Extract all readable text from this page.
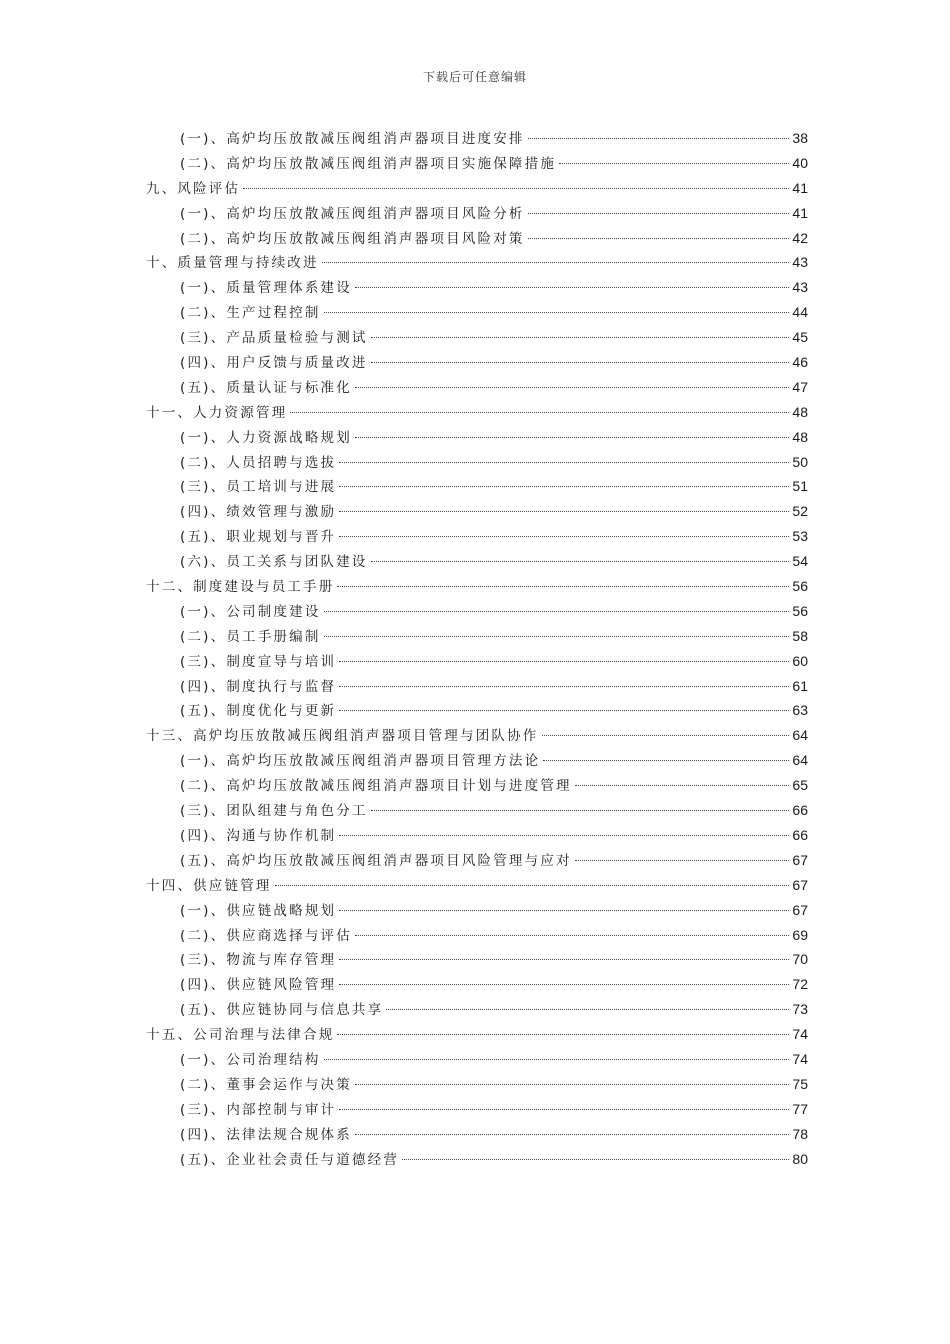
下载后可任意编辑
(一)、高炉均压放散减压阀组消声器项目进度安排	38
(二)、高炉均压放散减压阀组消声器项目实施保障措施	40
九、风险评估	41
(一)、高炉均压放散减压阀组消声器项目风险分析	41
(二)、高炉均压放散减压阀组消声器项目风险对策	42
十、质量管理与持续改进	43
(一)、质量管理体系建设	43
(二)、生产过程控制	44
(三)、产品质量检验与测试	45
(四)、用户反馈与质量改进	46
(五)、质量认证与标准化	47
十一、人力资源管理	48
(一)、人力资源战略规划	48
(二)、人员招聘与选拔	50
(三)、员工培训与进展	51
(四)、绩效管理与激励	52
(五)、职业规划与晋升	53
(六)、员工关系与团队建设	54
十二、制度建设与员工手册	56
(一)、公司制度建设	56
(二)、员工手册编制	58
(三)、制度宣导与培训	60
(四)、制度执行与监督	61
(五)、制度优化与更新	63
十三、高炉均压放散减压阀组消声器项目管理与团队协作	64
(一)、高炉均压放散减压阀组消声器项目管理方法论	64
(二)、高炉均压放散减压阀组消声器项目计划与进度管理	65
(三)、团队组建与角色分工	66
(四)、沟通与协作机制	66
(五)、高炉均压放散减压阀组消声器项目风险管理与应对	67
十四、供应链管理	67
(一)、供应链战略规划	67
(二)、供应商选择与评估	69
(三)、物流与库存管理	70
(四)、供应链风险管理	72
(五)、供应链协同与信息共享	73
十五、公司治理与法律合规	74
(一)、公司治理结构	74
(二)、董事会运作与决策	75
(三)、内部控制与审计	77
(四)、法律法规合规体系	78
(五)、企业社会责任与道德经营	80
